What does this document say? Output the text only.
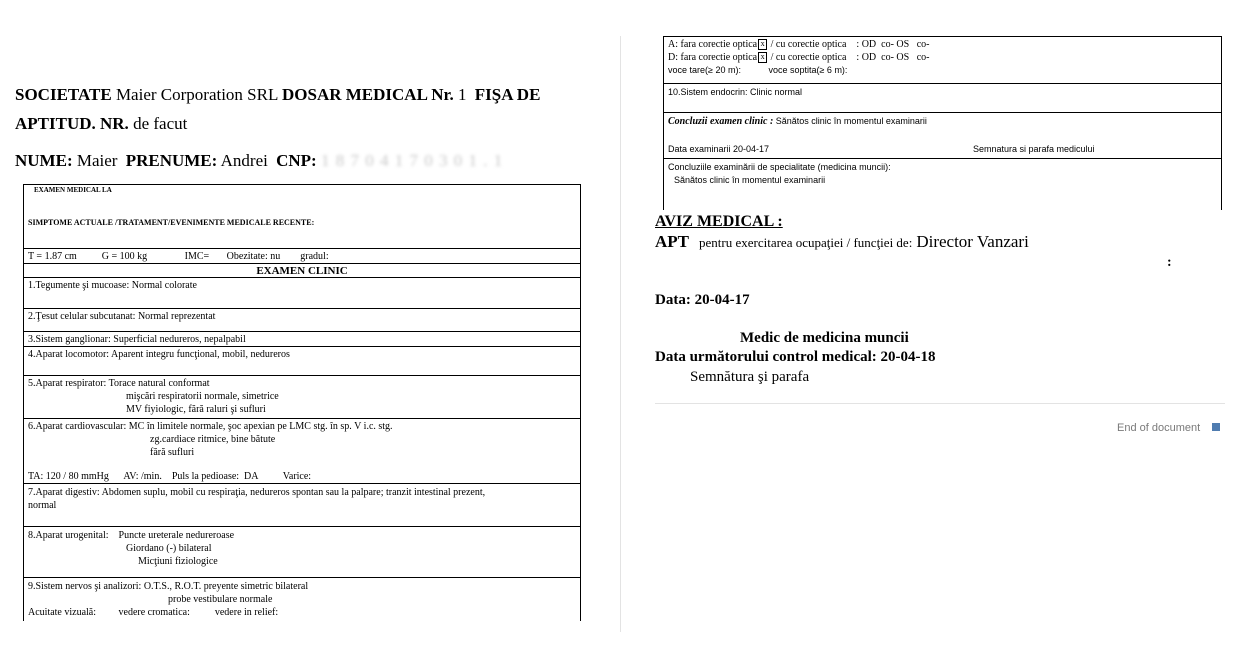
SOCIETATE Maier Corporation SRL DOSAR MEDICAL Nr. 1 FIŞA DE
APTITUD. NR. de facut
NUME: Maier PRENUME: Andrei CNP: 1 8 7 0 4 1 7 0 3 0 1 . 1
EXAMEN MEDICAL LA
SIMPTOME ACTUALE /TRATAMENT/EVENIMENTE MEDICALE RECENTE:
T = 1.87 cm          G = 100 kg               IMC=       Obezitate: nu        gradul:
EXAMEN CLINIC
1.Tegumente şi mucoase: Normal colorate
2.Ţesut celular subcutanat: Normal reprezentat
3.Sistem ganglionar: Superficial nedureros, nepalpabil
4.Aparat locomotor: Aparent integru funcţional, mobil, nedureros
5.Aparat respirator: Torace natural conformat
mişcări respiratorii normale, simetrice
MV fiyiologic, fără raluri şi sufluri
6.Aparat cardiovascular: MC în limitele normale, şoc apexian pe LMC stg. în sp. V i.c. stg.
zg.cardiace ritmice, bine bătute
fără sufluri
TA: 120 / 80 mmHg      AV: /min.    Puls la pedioase:  DA          Varice:
7.Aparat digestiv: Abdomen suplu, mobil cu respiraţia, nedureros spontan sau la palpare; tranzit intestinal prezent,
normal
8.Aparat urogenital:    Puncte ureterale nedureroase
Giordano (-) bilateral
Micţiuni fiziologice
9.Sistem nervos şi analizori: O.T.S., R.O.T. preyente simetric bilateral
probe vestibulare normale
Acuitate vizuală:         vedere cromatica:          vedere in relief:
A: fara corectie optica x / cu corectie optica    : OD  co- OS   co-
D: fara corectie optica x / cu corectie optica    : OD  co- OS   co-
voce tare(≥ 20 m):           voce soptita(≥ 6 m):
10.Sistem endocrin: Clinic normal
Concluzii examen clinic : Sănătos clinic în momentul examinarii
Data examinarii 20-04-17	Semnatura si parafa medicului
Concluziile examinării de specialitate (medicina muncii):
Sănătos clinic în momentul examinarii
AVIZ MEDICAL :
APT pentru exercitarea ocupaţiei / funcţiei de: Director Vanzari
:
Data: 20-04-17
Medic de medicina muncii
Data următorului control medical: 20-04-18
Semnătura şi parafa
End of document
